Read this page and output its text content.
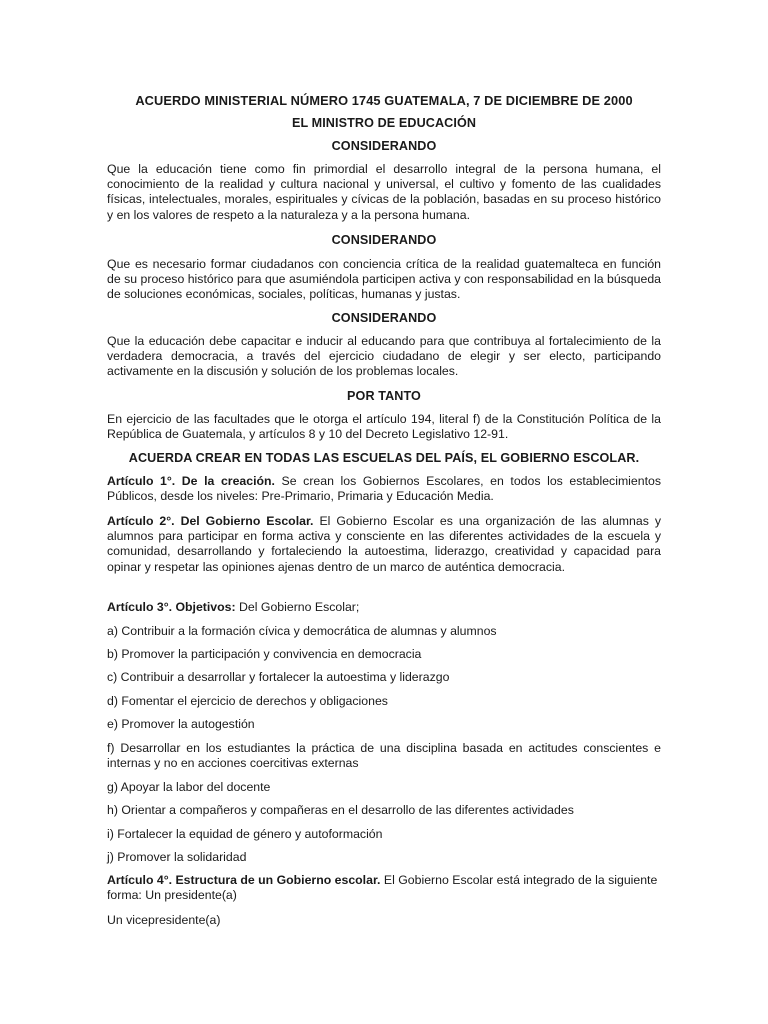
ACUERDO MINISTERIAL NÚMERO 1745 GUATEMALA, 7 DE DICIEMBRE DE 2000

EL MINISTRO DE EDUCACIÓN

CONSIDERANDO

Que la educación tiene como fin primordial el desarrollo integral de la persona humana, el conocimiento de la realidad y cultura nacional y universal, el cultivo y fomento de las cualidades físicas, intelectuales, morales, espirituales y cívicas de la población, basadas en su proceso histórico y en los valores de respeto a la naturaleza y a la persona humana.

CONSIDERANDO

Que es necesario formar ciudadanos con conciencia crítica de la realidad guatemalteca en función de su proceso histórico para que asumiéndola participen activa y con responsabilidad en la búsqueda de soluciones económicas, sociales, políticas, humanas y justas.

CONSIDERANDO

Que la educación debe capacitar e inducir al educando para que contribuya al fortalecimiento de la verdadera democracia, a través del ejercicio ciudadano de elegir y ser electo, participando activamente en la discusión y solución de los problemas locales.

POR TANTO

En ejercicio de las facultades que le otorga el artículo 194, literal f) de la Constitución Política de la República de Guatemala, y artículos 8 y 10 del Decreto Legislativo 12-91.

ACUERDA CREAR EN TODAS LAS ESCUELAS DEL PAÍS, EL GOBIERNO ESCOLAR.

Artículo 1°. De la creación. Se crean los Gobiernos Escolares, en todos los establecimientos Públicos, desde los niveles: Pre-Primario, Primaria y Educación Media.

Artículo 2°. Del Gobierno Escolar. El Gobierno Escolar es una organización de las alumnas y alumnos para participar en forma activa y consciente en las diferentes actividades de la escuela y comunidad, desarrollando y fortaleciendo la autoestima, liderazgo, creatividad y capacidad para opinar y respetar las opiniones ajenas dentro de un marco de auténtica democracia.

Artículo 3°. Objetivos: Del Gobierno Escolar;

a) Contribuir a la formación cívica y democrática de alumnas y alumnos

b) Promover la participación y convivencia en democracia

c) Contribuir a desarrollar y fortalecer la autoestima y liderazgo

d) Fomentar el ejercicio de derechos y obligaciones

e) Promover la autogestión

f) Desarrollar en los estudiantes la práctica de una disciplina basada en actitudes conscientes e internas y no en acciones coercitivas externas

g) Apoyar la labor del docente

h) Orientar a compañeros y compañeras en el desarrollo de las diferentes actividades

i) Fortalecer la equidad de género y autoformación

j) Promover la solidaridad

Artículo 4°. Estructura de un Gobierno escolar. El Gobierno Escolar está integrado de la siguiente forma: Un presidente(a)

Un vicepresidente(a)
